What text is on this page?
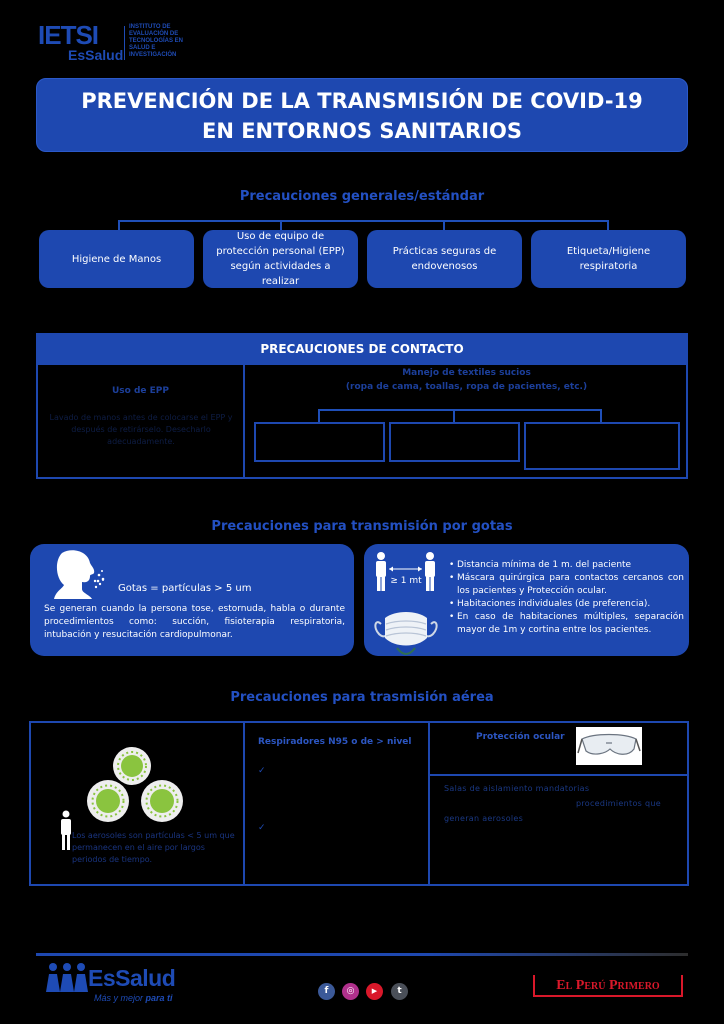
IETSI
EsSalud
INSTITUTO DE EVALUACIÓN DE TECNOLOGÍAS EN SALUD E INVESTIGACIÓN
PREVENCIÓN DE LA TRANSMISIÓN DE COVID-19
EN ENTORNOS SANITARIOS
Precauciones generales/estándar
Higiene de Manos
Uso de equipo de protección personal (EPP) según actividades a realizar
Prácticas seguras de endovenosos
Etiqueta/Higiene respiratoria
PRECAUCIONES DE CONTACTO
Uso de EPP
Lavado de manos antes de colocarse el EPP y después de retirárselo. Desecharlo adecuadamente.
Manejo de textiles sucios
(ropa de cama, toallas, ropa de pacientes, etc.)
Precauciones para transmisión por gotas
Gotas = partículas > 5 um
Se generan cuando la persona tose, estornuda, habla o durante procedimientos como: succión, fisioterapia respiratoria, intubación y resucitación cardiopulmonar.
≥ 1 mt
• Distancia mínima de 1 m. del paciente
• Máscara quirúrgica para contactos cercanos con los pacientes y Protección ocular.
• Habitaciones individuales (de preferencia).
• En caso de habitaciones múltiples, separación mayor de 1m y cortina entre los pacientes.
Precauciones para trasmisión aérea
Los aerosoles son partículas < 5 um que permanecen en el aire por largos periodos de tiempo.
Respiradores N95 o de > nivel
✓
✓
Protección ocular
Salas de aislamiento mandatorias
procedimientos que
generan aerosoles
EsSalud
Más y mejor para ti
f	◎	▶	t	El Perú Primero
